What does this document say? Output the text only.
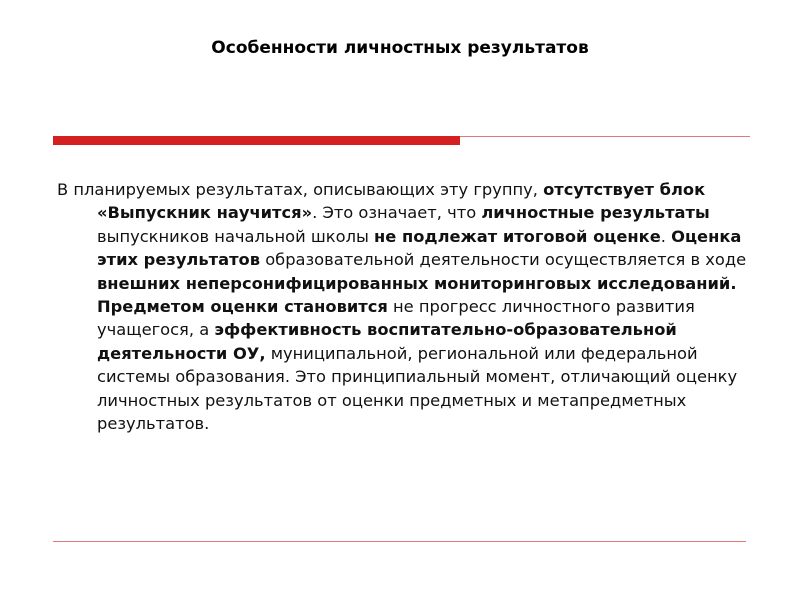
Особенности личностных результатов

В планируемых результатах, описывающих эту группу, отсутствует блок «Выпускник научится». Это означает, что личностные результаты выпускников начальной школы не подлежат итоговой оценке. Оценка этих результатов образовательной деятельности осуществляется в ходе внешних неперсонифицированных мониторинговых исследований. Предметом оценки становится не прогресс личностного развития учащегося, а эффективность воспитательно-образовательной деятельности ОУ, муниципальной, региональной или федеральной системы образования. Это принципиальный момент, отличающий оценку личностных результатов от оценки предметных и метапредметных результатов.
